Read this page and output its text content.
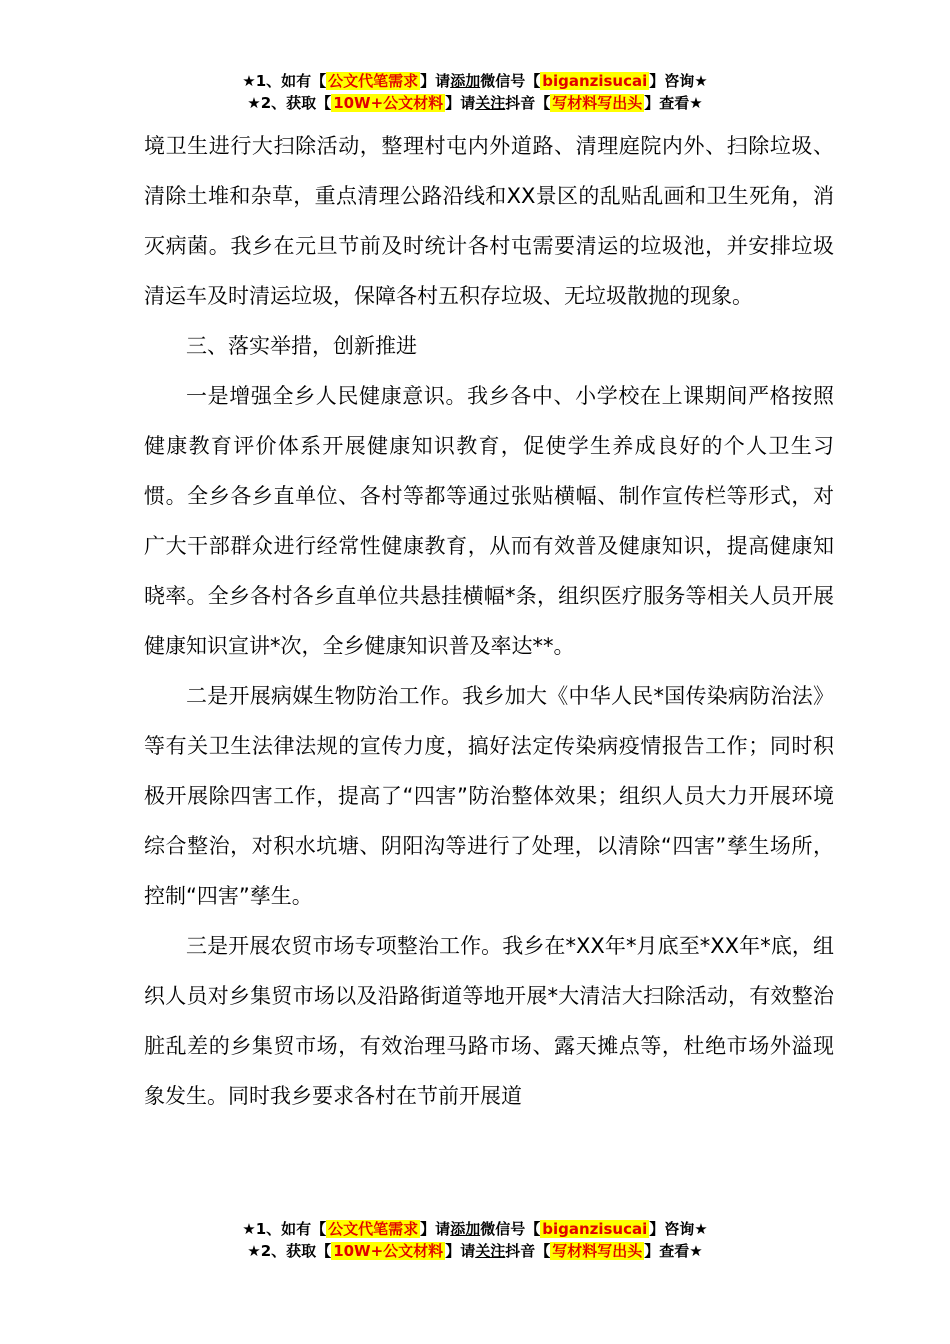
★1、如有【 公文代笔需求 】请添加微信号【 biganzisucai 】咨询★
★2、获取【 10W+公文材料 】请关注抖音【 写材料写出头 】查看★

境卫生进行大扫除活动，整理村屯内外道路、清理庭院内外、扫除垃圾、清除土堆和杂草，重点清理公路沿线和XX景区的乱贴乱画和卫生死角，消灭病菌。我乡在元旦节前及时统计各村屯需要清运的垃圾池，并安排垃圾清运车及时清运垃圾，保障各村五积存垃圾、无垃圾散抛的现象。

三、落实举措，创新推进

一是增强全乡人民健康意识。我乡各中、小学校在上课期间严格按照健康教育评价体系开展健康知识教育，促使学生养成良好的个人卫生习惯。全乡各乡直单位、各村等都等通过张贴横幅、制作宣传栏等形式，对广大干部群众进行经常性健康教育，从而有效普及健康知识，提高健康知晓率。全乡各村各乡直单位共悬挂横幅*条，组织医疗服务等相关人员开展健康知识宣讲*次，全乡健康知识普及率达**。

二是开展病媒生物防治工作。我乡加大《中华人民*国传染病防治法》等有关卫生法律法规的宣传力度，搞好法定传染病疫情报告工作；同时积极开展除四害工作，提高了“四害”防治整体效果；组织人员大力开展环境综合整治，对积水坑塘、阴阳沟等进行了处理，以清除“四害”孳生场所，控制“四害”孳生。

三是开展农贸市场专项整治工作。我乡在*XX年*月底至*XX年*底，组织人员对乡集贸市场以及沿路街道等地开展*大清洁大扫除活动，有效整治脏乱差的乡集贸市场，有效治理马路市场、露天摊点等，杜绝市场外溢现象发生。同时我乡要求各村在节前开展道

★1、如有【 公文代笔需求 】请添加微信号【 biganzisucai 】咨询★
★2、获取【 10W+公文材料 】请关注抖音【 写材料写出头 】查看★
